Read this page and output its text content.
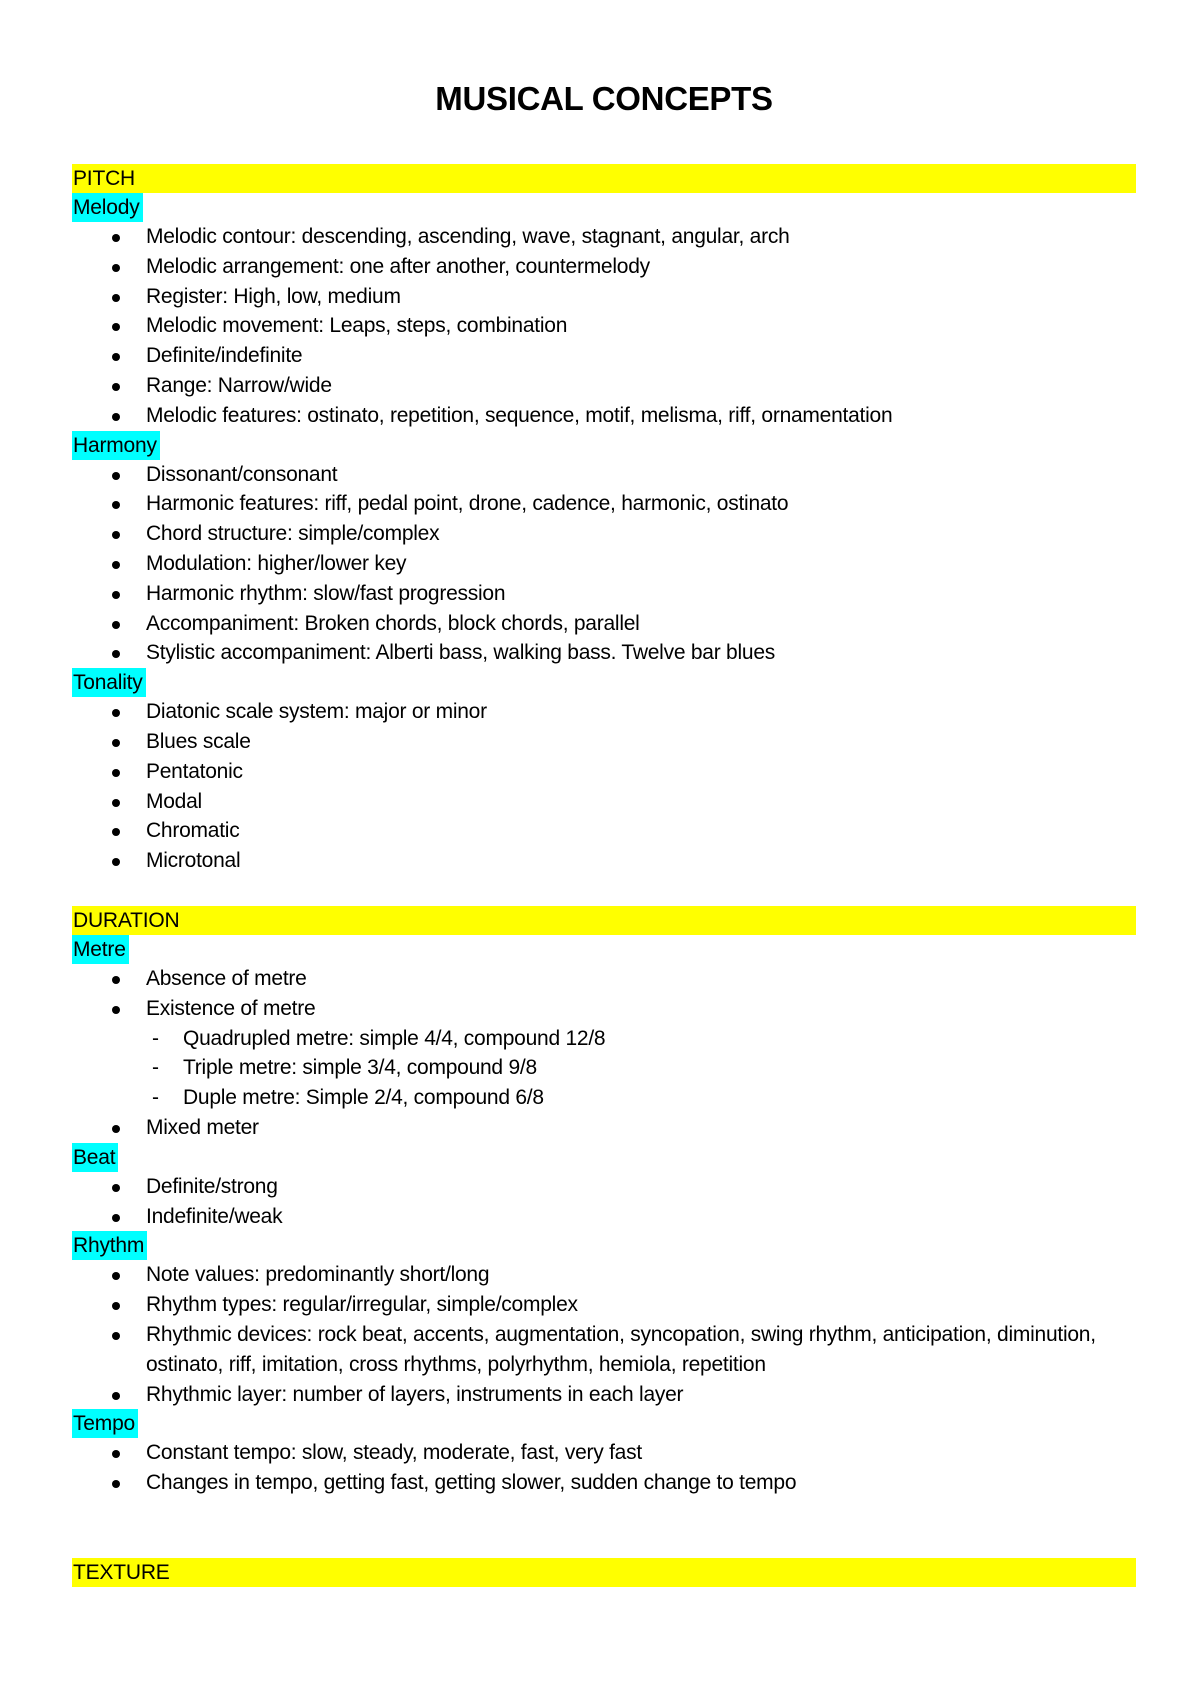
MUSICAL CONCEPTS
PITCH
Melody
Melodic contour: descending, ascending, wave, stagnant, angular, arch
Melodic arrangement: one after another, countermelody
Register: High, low, medium
Melodic movement: Leaps, steps, combination
Definite/indefinite
Range: Narrow/wide
Melodic features: ostinato, repetition, sequence, motif, melisma, riff, ornamentation
Harmony
Dissonant/consonant
Harmonic features: riff, pedal point, drone, cadence, harmonic, ostinato
Chord structure: simple/complex
Modulation: higher/lower key
Harmonic rhythm: slow/fast progression
Accompaniment: Broken chords, block chords, parallel
Stylistic accompaniment: Alberti bass, walking bass. Twelve bar blues
Tonality
Diatonic scale system: major or minor
Blues scale
Pentatonic
Modal
Chromatic
Microtonal
DURATION
Metre
Absence of metre
Existence of metre
- Quadrupled metre: simple 4/4, compound 12/8
- Triple metre: simple 3/4, compound 9/8
- Duple metre: Simple 2/4, compound 6/8
Mixed meter
Beat
Definite/strong
Indefinite/weak
Rhythm
Note values: predominantly short/long
Rhythm types: regular/irregular, simple/complex
Rhythmic devices: rock beat, accents, augmentation, syncopation, swing rhythm, anticipation, diminution, ostinato, riff, imitation, cross rhythms, polyrhythm, hemiola, repetition
Rhythmic layer: number of layers, instruments in each layer
Tempo
Constant tempo: slow, steady, moderate, fast, very fast
Changes in tempo, getting fast, getting slower, sudden change to tempo
TEXTURE
